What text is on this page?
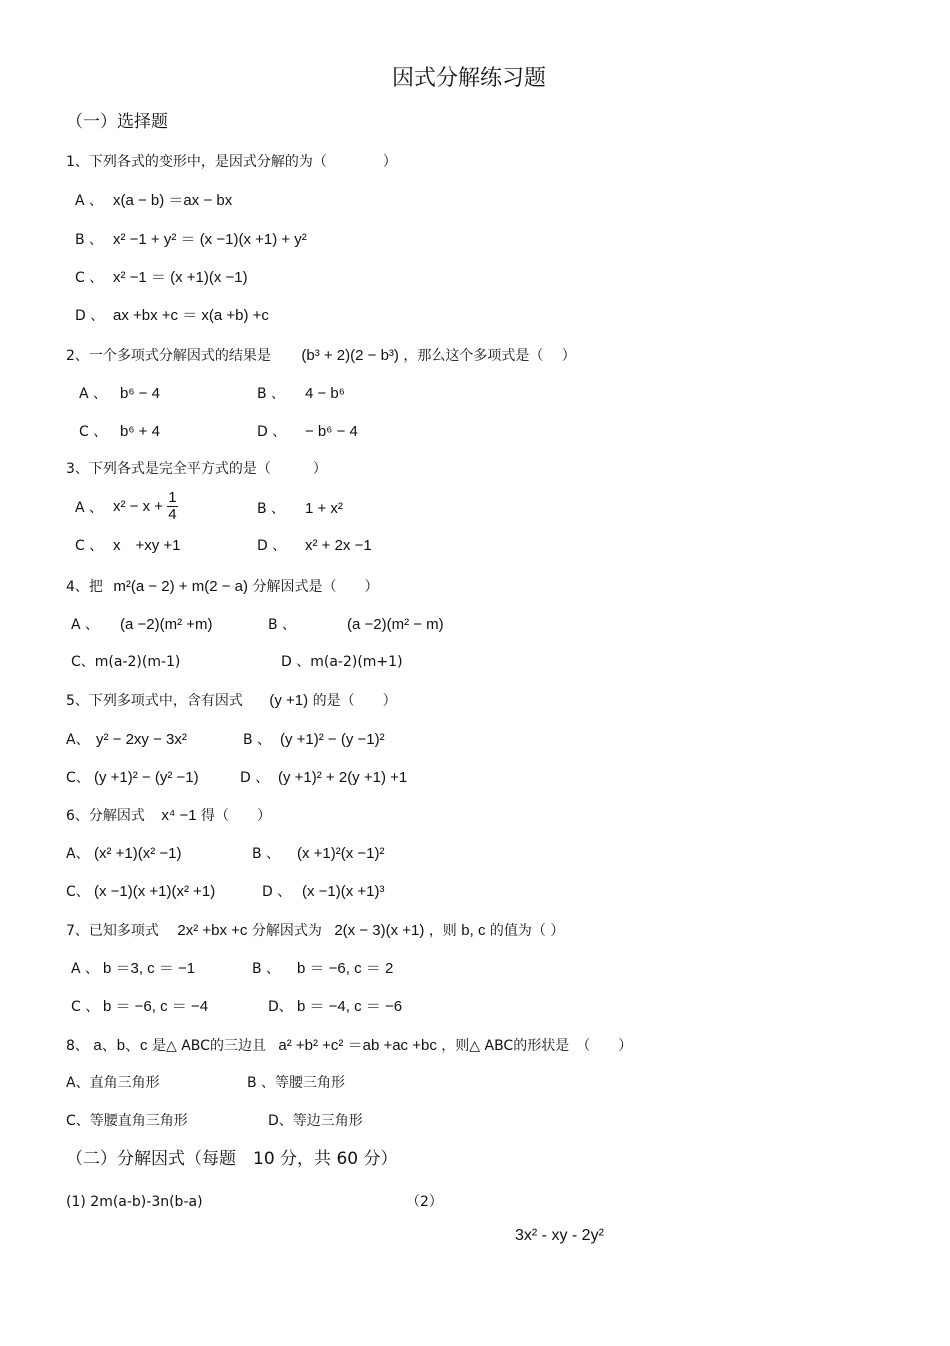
因式分解练习题
（一）选择题
1、下列各式的变形中，是因式分解的为（　　　　）
A 、 x(a − b) ＝ax − bx
B 、 x² −1 + y² ＝ (x −1)(x +1) + y²
C 、 x² −1 ＝ (x +1)(x −1)
D 、 ax +bx +c ＝ x(a +b) +c
2、一个多项式分解因式的结果是 (b³ + 2)(2 − b³) ，那么这个多项式是（　 ）
A 、 b⁶ − 4	B 、 4 − b⁶
C 、 b⁶ + 4	D 、 − b⁶ − 4
3、下列各式是完全平方式的是（　　　）
A 、 $x^2 - x + \frac{1}{4}$	B 、 1 + x²
C 、 x　+xy +1	D 、 x² + 2x −1
4、把 m²(a − 2) + m(2 − a) 分解因式是（　　）
A 、 (a −2)(m² +m)	B 、	(a −2)(m² − m)
C、m(a-2)(m-1)	D 、m(a-2)(m+1)
5、下列多项式中，含有因式 (y +1) 的是（　　）
A、 y² − 2xy − 3x²	B 、 (y +1)² − (y −1)²
C、 (y +1)² − (y² −1)	D 、 (y +1)² + 2(y +1) +1
6、分解因式 x⁴ −1 得（　　）
A、 (x² +1)(x² −1)	B 、 (x +1)²(x −1)²
C、 (x −1)(x +1)(x² +1)	D 、 (x −1)(x +1)³
7、已知多项式 2x² +bx +c 分解因式为 2(x − 3)(x +1) ，则 b, c 的值为（ ）
A 、 b ＝3, c ＝ −1	B 、 b ＝ −6, c ＝ 2
C 、 b ＝ −6, c ＝ −4	D、 b ＝ −4, c ＝ −6
8、 a、b、c 是△ ABC的三边且 a² +b² +c² ＝ab +ac +bc ，则△ ABC的形状是　（　　）
A、直角三角形	B 、等腰三角形
C、等腰直角三角形	D、等边三角形
（二）分解因式（每题　10 分，共 60 分）
(1) 2m(a-b)-3n(b-a)	（2）
3x² - xy - 2y²
